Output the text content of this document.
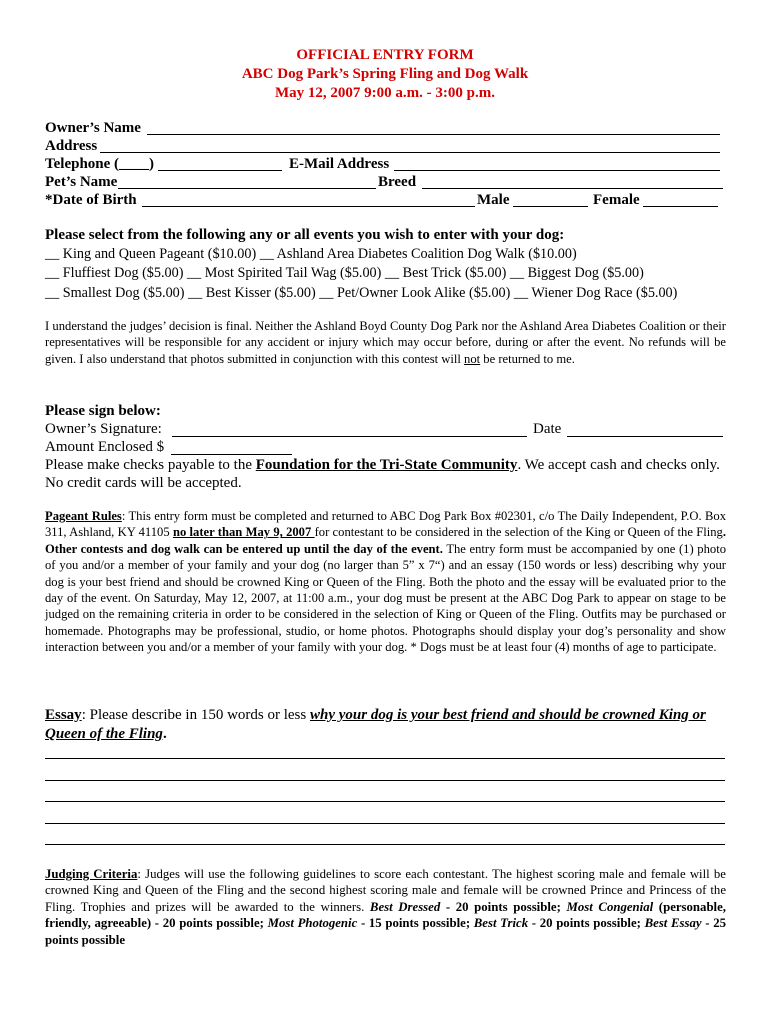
OFFICIAL ENTRY FORM
ABC Dog Park’s Spring Fling and Dog Walk
May 12, 2007 9:00 a.m. - 3:00 p.m.
Owner’s Name
Address
Telephone (____)	E-Mail Address
Pet’s Name	Breed
*Date of Birth	Male	Female
Please select from the following any or all events you wish to enter with your dog:
__ King and Queen Pageant ($10.00) __ Ashland Area Diabetes Coalition Dog Walk ($10.00)
__ Fluffiest Dog ($5.00) __ Most Spirited Tail Wag ($5.00) __ Best Trick ($5.00) __ Biggest Dog ($5.00)
__ Smallest Dog ($5.00) __ Best Kisser ($5.00) __ Pet/Owner Look Alike ($5.00) __ Wiener Dog Race ($5.00)
I understand the judges’ decision is final. Neither the Ashland Boyd County Dog Park nor the Ashland Area Diabetes Coalition or their representatives will be responsible for any accident or injury which may occur before, during or after the event. No refunds will be given. I also understand that photos submitted in conjunction with this contest will not be returned to me.
Please sign below:
Owner’s Signature:	Date
Amount Enclosed $
Please make checks payable to the Foundation for the Tri-State Community. We accept cash and checks only. No credit cards will be accepted.
Pageant Rules: This entry form must be completed and returned to ABC Dog Park Box #02301, c/o The Daily Independent, P.O. Box 311, Ashland, KY 41105 no later than May 9, 2007 for contestant to be considered in the selection of the King or Queen of the Fling. Other contests and dog walk can be entered up until the day of the event. The entry form must be accompanied by one (1) photo of you and/or a member of your family and your dog (no larger than 5” x 7“) and an essay (150 words or less) describing why your dog is your best friend and should be crowned King or Queen of the Fling. Both the photo and the essay will be evaluated prior to the day of the event. On Saturday, May 12, 2007, at 11:00 a.m., your dog must be present at the ABC Dog Park to appear on stage to be judged on the remaining criteria in order to be considered in the selection of King or Queen of the Fling. Outfits may be purchased or homemade. Photographs may be professional, studio, or home photos. Photographs should display your dog’s personality and show interaction between you and/or a member of your family with your dog. * Dogs must be at least four (4) months of age to participate.
Essay: Please describe in 150 words or less why your dog is your best friend and should be crowned King or Queen of the Fling.
Judging Criteria: Judges will use the following guidelines to score each contestant. The highest scoring male and female will be crowned King and Queen of the Fling and the second highest scoring male and female will be crowned Prince and Princess of the Fling. Trophies and prizes will be awarded to the winners. Best Dressed - 20 points possible; Most Congenial (personable, friendly, agreeable) - 20 points possible; Most Photogenic - 15 points possible; Best Trick - 20 points possible; Best Essay - 25 points possible
